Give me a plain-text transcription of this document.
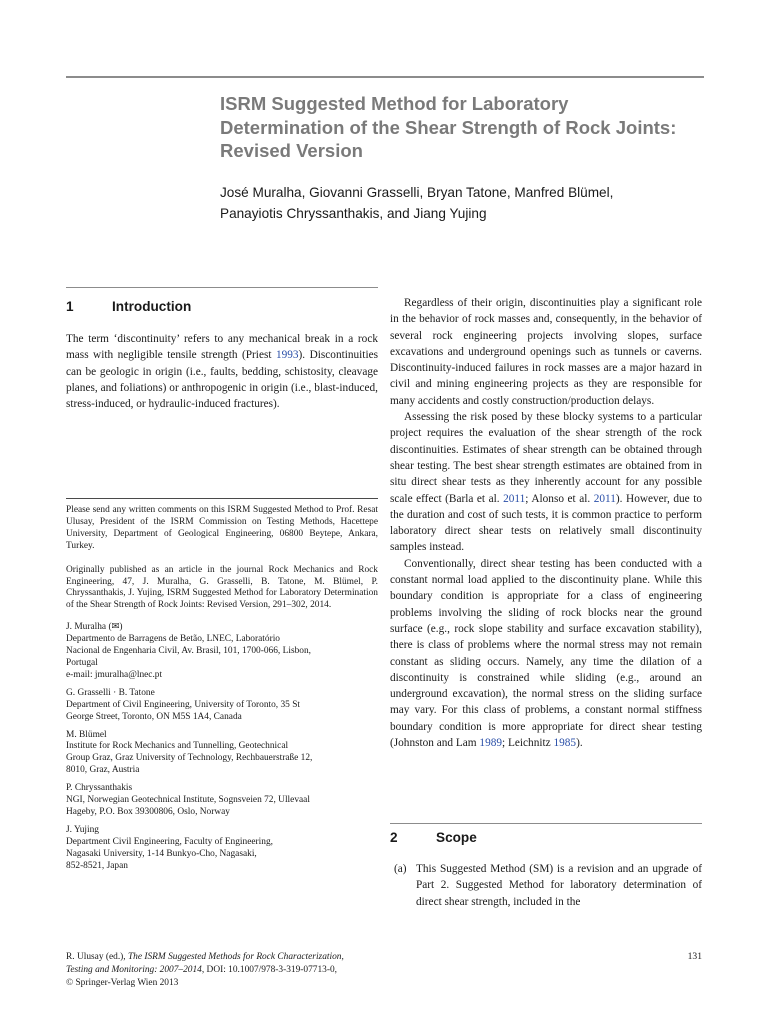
ISRM Suggested Method for Laboratory Determination of the Shear Strength of Rock Joints: Revised Version
José Muralha, Giovanni Grasselli, Bryan Tatone, Manfred Blümel,
Panayiotis Chryssanthakis, and Jiang Yujing
1	Introduction

The term ‘discontinuity’ refers to any mechanical break in a rock mass with negligible tensile strength (Priest 1993). Discontinuities can be geologic in origin (i.e., faults, bedding, schistosity, cleavage planes, and foliations) or anthropogenic in origin (i.e., blast-induced, stress-induced, or hydraulic-induced fractures).

Please send any written comments on this ISRM Suggested Method to Prof. Resat Ulusay, President of the ISRM Commission on Testing Methods, Hacettepe University, Department of Geological Engineering, 06800 Beytepe, Ankara, Turkey.

Originally published as an article in the journal Rock Mechanics and Rock Engineering, 47, J. Muralha, G. Grasselli, B. Tatone, M. Blümel, P. Chryssanthakis, J. Yujing, ISRM Suggested Method for Laboratory Determination of the Shear Strength of Rock Joints: Revised Version, 291–302, 2014.

J. Muralha (✉)

Departmento de Barragens de Betão, LNEC, Laboratório

Nacional de Engenharia Civil, Av. Brasil, 101, 1700-066, Lisbon,

Portugal

e-mail: jmuralha@lnec.pt

G. Grasselli · B. Tatone

Department of Civil Engineering, University of Toronto, 35 St

George Street, Toronto, ON M5S 1A4, Canada

M. Blümel

Institute for Rock Mechanics and Tunnelling, Geotechnical

Group Graz, Graz University of Technology, Rechbauerstraße 12,

8010, Graz, Austria

P. Chryssanthakis

NGI, Norwegian Geotechnical Institute, Sognsveien 72, Ullevaal

Hageby, P.O. Box 39300806, Oslo, Norway

J. Yujing

Department Civil Engineering, Faculty of Engineering,

Nagasaki University, 1-14 Bunkyo-Cho, Nagasaki,

852-8521, Japan

Regardless of their origin, discontinuities play a significant role in the behavior of rock masses and, consequently, in the behavior of several rock engineering projects involving slopes, surface excavations and underground openings such as tunnels or caverns. Discontinuity-induced failures in rock masses are a major hazard in civil and mining engineering projects as they are responsible for many accidents and costly construction/production delays.

Assessing the risk posed by these blocky systems to a particular project requires the evaluation of the shear strength of the rock discontinuities. Estimates of shear strength can be obtained through shear testing. The best shear strength estimates are obtained from in situ direct shear tests as they inherently account for any possible scale effect (Barla et al. 2011; Alonso et al. 2011). However, due to the duration and cost of such tests, it is common practice to perform laboratory direct shear tests on relatively small discontinuity samples instead.

Conventionally, direct shear testing has been conducted with a constant normal load applied to the discontinuity plane. While this boundary condition is appropriate for a class of engineering problems involving the sliding of rock blocks near the ground surface (e.g., rock slope stability and surface excavation stability), there is class of problems where the normal stress may not remain constant as sliding occurs. Namely, any time the dilation of a discontinuity is constrained while sliding (e.g., around an underground excavation), the normal stress on the sliding surface may vary. For this class of problems, a constant normal stiffness boundary condition is more appropriate for direct shear testing (Johnston and Lam 1989; Leichnitz 1985).

2	Scope
(a) This Suggested Method (SM) is a revision and an upgrade of Part 2. Suggested Method for laboratory determination of direct shear strength, included in the
R. Ulusay (ed.), The ISRM Suggested Methods for Rock Characterization,
Testing and Monitoring: 2007–2014, DOI: 10.1007/978-3-319-07713-0,
© Springer-Verlag Wien 2013
131
